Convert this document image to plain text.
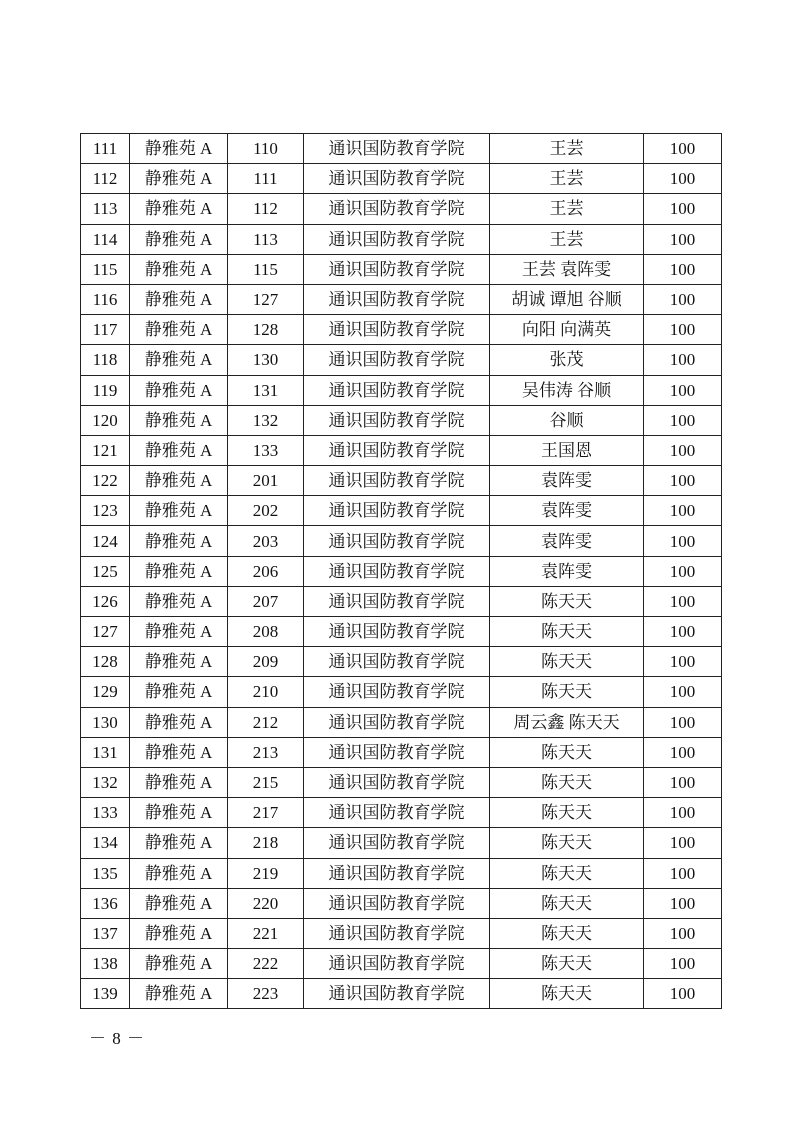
111	静雅苑 A	110	通识国防教育学院	王芸	100
112	静雅苑 A	111	通识国防教育学院	王芸	100
113	静雅苑 A	112	通识国防教育学院	王芸	100
114	静雅苑 A	113	通识国防教育学院	王芸	100
115	静雅苑 A	115	通识国防教育学院	王芸 袁阵雯	100
116	静雅苑 A	127	通识国防教育学院	胡诚 谭旭 谷顺	100
117	静雅苑 A	128	通识国防教育学院	向阳 向满英	100
118	静雅苑 A	130	通识国防教育学院	张茂	100
119	静雅苑 A	131	通识国防教育学院	吴伟涛 谷顺	100
120	静雅苑 A	132	通识国防教育学院	谷顺	100
121	静雅苑 A	133	通识国防教育学院	王国恩	100
122	静雅苑 A	201	通识国防教育学院	袁阵雯	100
123	静雅苑 A	202	通识国防教育学院	袁阵雯	100
124	静雅苑 A	203	通识国防教育学院	袁阵雯	100
125	静雅苑 A	206	通识国防教育学院	袁阵雯	100
126	静雅苑 A	207	通识国防教育学院	陈天天	100
127	静雅苑 A	208	通识国防教育学院	陈天天	100
128	静雅苑 A	209	通识国防教育学院	陈天天	100
129	静雅苑 A	210	通识国防教育学院	陈天天	100
130	静雅苑 A	212	通识国防教育学院	周云鑫 陈天天	100
131	静雅苑 A	213	通识国防教育学院	陈天天	100
132	静雅苑 A	215	通识国防教育学院	陈天天	100
133	静雅苑 A	217	通识国防教育学院	陈天天	100
134	静雅苑 A	218	通识国防教育学院	陈天天	100
135	静雅苑 A	219	通识国防教育学院	陈天天	100
136	静雅苑 A	220	通识国防教育学院	陈天天	100
137	静雅苑 A	221	通识国防教育学院	陈天天	100
138	静雅苑 A	222	通识国防教育学院	陈天天	100
139	静雅苑 A	223	通识国防教育学院	陈天天	100
－ 8 －
